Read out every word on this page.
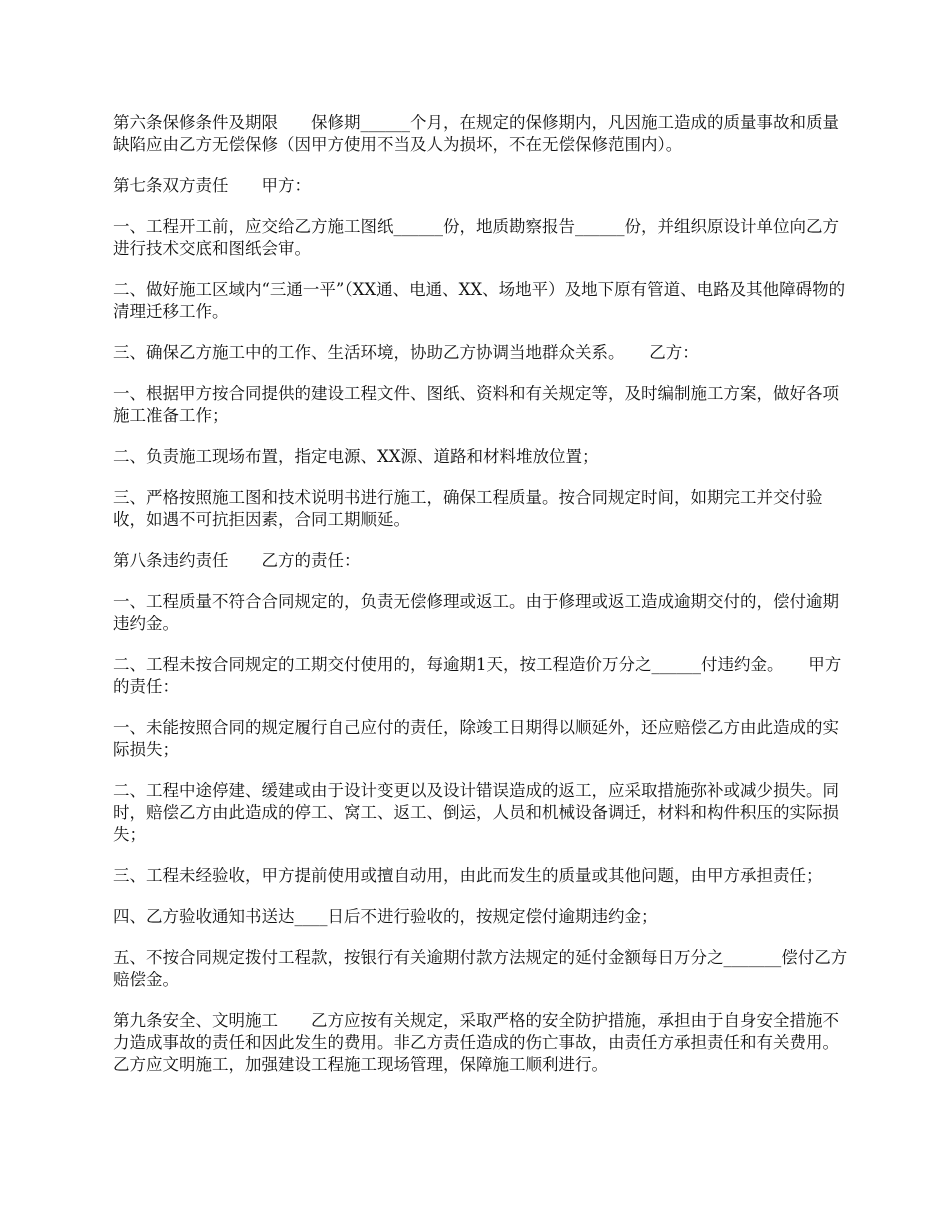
第六条保修条件及期限　　保修期______个月，在规定的保修期内，凡因施工造成的质量事故和质量缺陷应由乙方无偿保修（因甲方使用不当及人为损坏，不在无偿保修范围内）。

第七条双方责任　　甲方：

一、工程开工前，应交给乙方施工图纸______份，地质勘察报告______份，并组织原设计单位向乙方进行技术交底和图纸会审。

二、做好施工区域内“三通一平”（XX通、电通、XX、场地平）及地下原有管道、电路及其他障碍物的清理迁移工作。

三、确保乙方施工中的工作、生活环境，协助乙方协调当地群众关系。　　乙方：

一、根据甲方按合同提供的建设工程文件、图纸、资料和有关规定等，及时编制施工方案，做好各项施工准备工作；

二、负责施工现场布置，指定电源、XX源、道路和材料堆放位置；

三、严格按照施工图和技术说明书进行施工，确保工程质量。按合同规定时间，如期完工并交付验收，如遇不可抗拒因素，合同工期顺延。

第八条违约责任　　乙方的责任：

一、工程质量不符合合同规定的，负责无偿修理或返工。由于修理或返工造成逾期交付的，偿付逾期违约金。

二、工程未按合同规定的工期交付使用的，每逾期1天，按工程造价万分之______付违约金。　　甲方的责任：

一、未能按照合同的规定履行自己应付的责任，除竣工日期得以顺延外，还应赔偿乙方由此造成的实际损失；

二、工程中途停建、缓建或由于设计变更以及设计错误造成的返工，应采取措施弥补或减少损失。同时，赔偿乙方由此造成的停工、窝工、返工、倒运，人员和机械设备调迁，材料和构件积压的实际损失；

三、工程未经验收，甲方提前使用或擅自动用，由此而发生的质量或其他问题，由甲方承担责任；

四、乙方验收通知书送达____日后不进行验收的，按规定偿付逾期违约金；

五、不按合同规定拨付工程款，按银行有关逾期付款方法规定的延付金额每日万分之_______偿付乙方赔偿金。

第九条安全、文明施工　　乙方应按有关规定，采取严格的安全防护措施，承担由于自身安全措施不力造成事故的责任和因此发生的费用。非乙方责任造成的伤亡事故，由责任方承担责任和有关费用。　　乙方应文明施工，加强建设工程施工现场管理，保障施工顺利进行。
